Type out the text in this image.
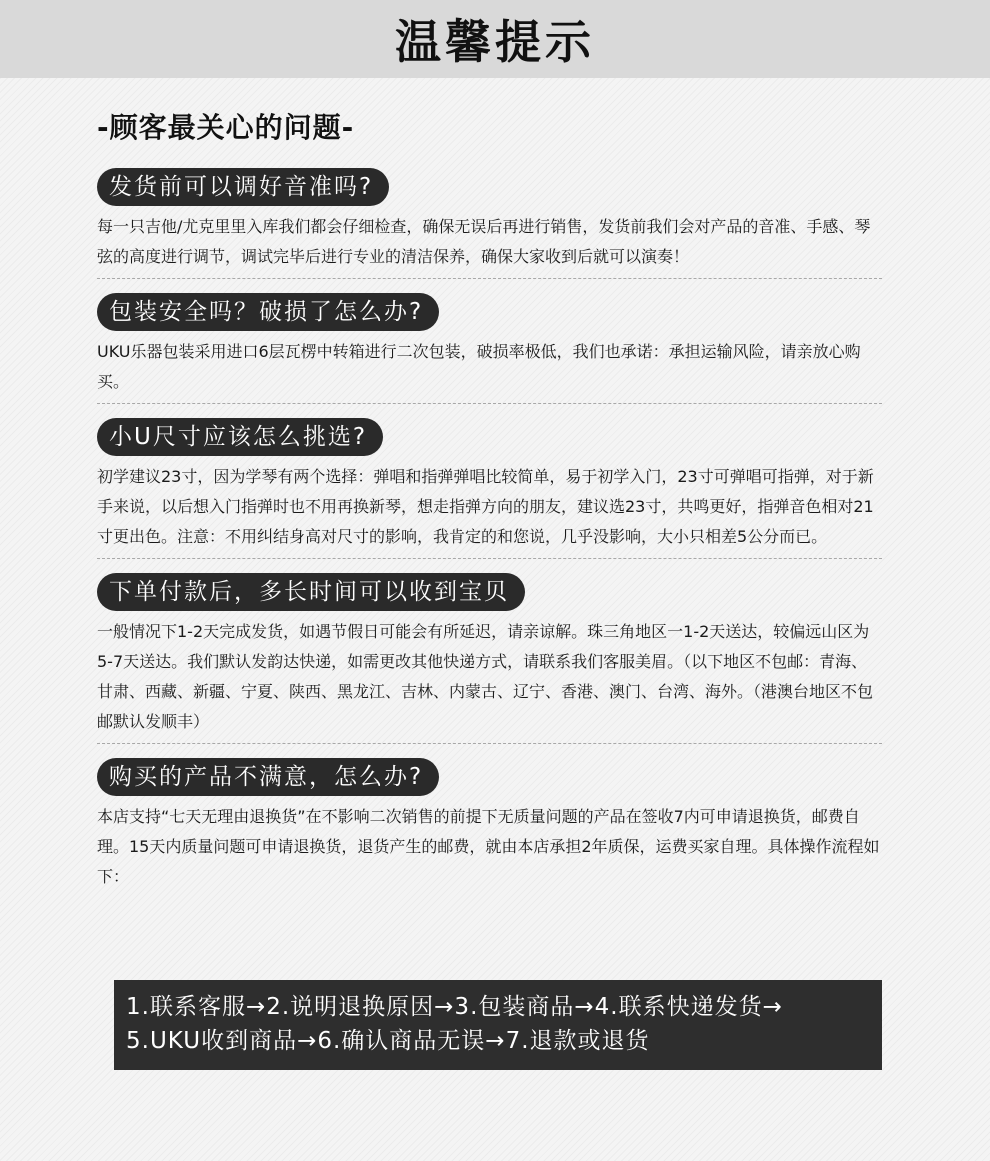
温馨提示
-顾客最关心的问题-
发货前可以调好音准吗?
每一只吉他/尤克里里入库我们都会仔细检查，确保无误后再进行销售，发货前我们会对产品的音准、手感、琴弦的高度进行调节，调试完毕后进行专业的清洁保养，确保大家收到后就可以演奏！
包装安全吗？破损了怎么办?
UKU乐器包装采用进口6层瓦楞中转箱进行二次包装，破损率极低，我们也承诺：承担运输风险，请亲放心购买。
小U尺寸应该怎么挑选?
初学建议23寸，因为学琴有两个选择：弹唱和指弹弹唱比较简单，易于初学入门，23寸可弹唱可指弹，对于新手来说，以后想入门指弹时也不用再换新琴，想走指弹方向的朋友，建议选23寸，共鸣更好，指弹音色相对21寸更出色。注意：不用纠结身高对尺寸的影响，我肯定的和您说，几乎没影响，大小只相差5公分而已。
下单付款后，多长时间可以收到宝贝
一般情况下1-2天完成发货，如遇节假日可能会有所延迟，请亲谅解。珠三角地区一1-2天送达，较偏远山区为5-7天送达。我们默认发韵达快递，如需更改其他快递方式，请联系我们客服美眉。（以下地区不包邮：青海、甘肃、西藏、新疆、宁夏、陕西、黑龙江、吉林、内蒙古、辽宁、香港、澳门、台湾、海外。（港澳台地区不包邮默认发顺丰）
购买的产品不满意，怎么办?
本店支持“七天无理由退换货”在不影响二次销售的前提下无质量问题的产品在签收7内可申请退换货，邮费自理。15天内质量问题可申请退换货，退货产生的邮费，就由本店承担2年质保，运费买家自理。具体操作流程如下：
1.联系客服→2.说明退换原因→3.包装商品→4.联系快递发货→
5.UKU收到商品→6.确认商品无误→7.退款或退货
